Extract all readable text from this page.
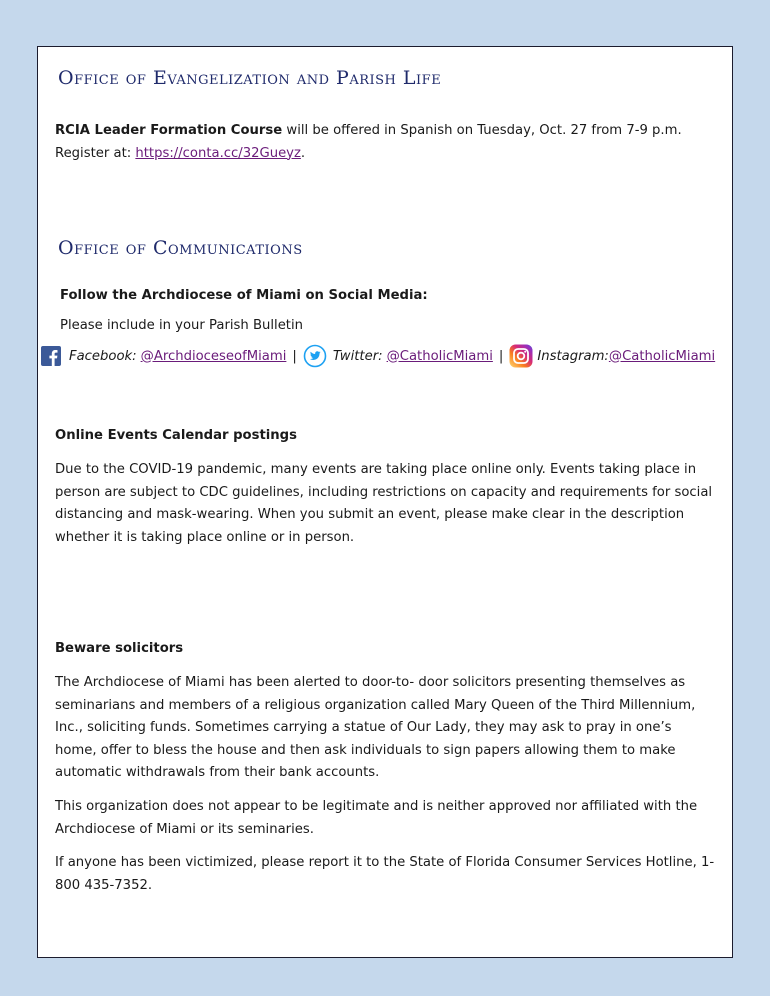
Office of Evangelization and Parish Life

RCIA Leader Formation Course will be offered in Spanish on Tuesday, Oct. 27 from 7-9 p.m.

Register at: https://conta.cc/32Gueyz.

Office of Communications

Follow the Archdiocese of Miami on Social Media:

Please include in your Parish Bulletin

Facebook: @ArchdioceseofMiami |	Twitter: @CatholicMiami |	Instagram: @CatholicMiami

Online Events Calendar postings

Due to the COVID-19 pandemic, many events are taking place online only. Events taking place in person are subject to CDC guidelines, including restrictions on capacity and requirements for social distancing and mask-wearing. When you submit an event, please make clear in the description whether it is taking place online or in person.

Beware solicitors

The Archdiocese of Miami has been alerted to door-to- door solicitors presenting themselves as seminarians and members of a religious organization called Mary Queen of the Third Millennium, Inc., soliciting funds. Sometimes carrying a statue of Our Lady, they may ask to pray in one’s home, offer to bless the house and then ask individuals to sign papers allowing them to make automatic withdrawals from their bank accounts.

This organization does not appear to be legitimate and is neither approved nor affiliated with the Archdiocese of Miami or its seminaries.

If anyone has been victimized, please report it to the State of Florida Consumer Services Hotline, 1-800 435-7352.
